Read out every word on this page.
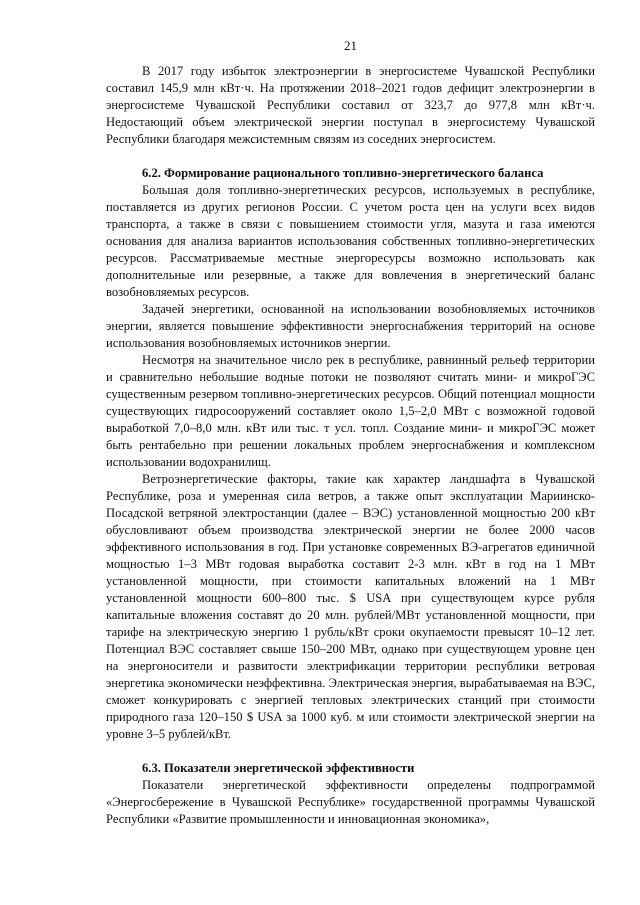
21

В 2017 году избыток электроэнергии в энергосистеме Чувашской Республики составил 145,9 млн кВт·ч. На протяжении 2018–2021 годов дефицит электроэнергии в энергосистеме Чувашской Республики составил от 323,7 до 977,8 млн кВт·ч. Недостающий объем электрической энергии поступал в энергосистему Чувашской Республики благодаря межсистемным связям из соседних энергосистем.

6.2. Формирование рационального топливно-энергетического баланса

Большая доля топливно-энергетических ресурсов, используемых в республике, поставляется из других регионов России. С учетом роста цен на услуги всех видов транспорта, а также в связи с повышением стоимости угля, мазута и газа имеются основания для анализа вариантов использования собственных топливно-энергетических ресурсов. Рассматриваемые местные энергоресурсы возможно использовать как дополнительные или резервные, а также для вовлечения в энергетический баланс возобновляемых ресурсов.

Задачей энергетики, основанной на использовании возобновляемых источников энергии, является повышение эффективности энергоснабжения территорий на основе использования возобновляемых источников энергии.

Несмотря на значительное число рек в республике, равнинный рельеф территории и сравнительно небольшие водные потоки не позволяют считать мини- и микроГЭС существенным резервом топливно-энергетических ресурсов. Общий потенциал мощности существующих гидросооружений составляет около 1,5–2,0 МВт с возможной годовой выработкой 7,0–8,0 млн. кВт или тыс. т усл. топл. Создание мини- и микроГЭС может быть рентабельно при решении локальных проблем энергоснабжения и комплексном использовании водохранилищ.

Ветроэнергетические факторы, такие как характер ландшафта в Чувашской Республике, роза и умеренная сила ветров, а также опыт эксплуатации Мариинско-Посадской ветряной электростанции (далее – ВЭС) установленной мощностью 200 кВт обусловливают объем производства электрической энергии не более 2000 часов эффективного использования в год. При установке современных ВЭ-агрегатов единичной мощностью 1–3 МВт годовая выработка составит 2-3 млн. кВт в год на 1 МВт установленной мощности, при стоимости капитальных вложений на 1 МВт установленной мощности 600–800 тыс. $ USA при существующем курсе рубля капитальные вложения составят до 20 млн. рублей/МВт установленной мощности, при тарифе на электрическую энергию 1 рубль/кВт сроки окупаемости превысят 10–12 лет. Потенциал ВЭС составляет свыше 150–200 МВт, однако при существующем уровне цен на энергоносители и развитости электрификации территории республики ветровая энергетика экономически неэффективна. Электрическая энергия, вырабатываемая на ВЭС, сможет конкурировать с энергией тепловых электрических станций при стоимости природного газа 120–150 $ USA за 1000 куб. м или стоимости электрической энергии на уровне 3–5 рублей/кВт.

6.3. Показатели энергетической эффективности

Показатели энергетической эффективности определены подпрограммой «Энергосбережение в Чувашской Республике» государственной программы Чувашской Республики «Развитие промышленности и инновационная экономика»,
